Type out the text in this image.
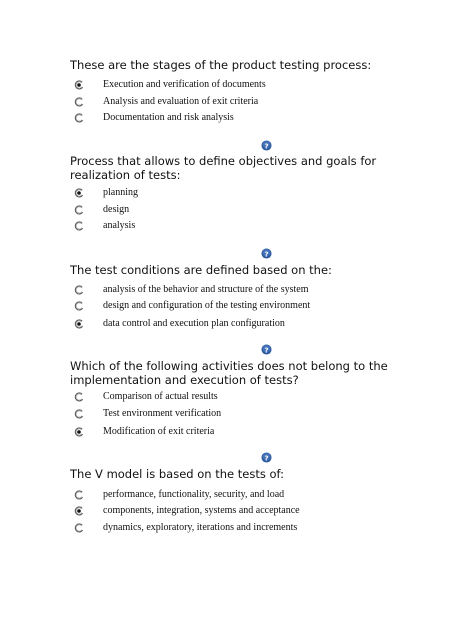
These are the stages of the product testing process:

Execution and verification of documents
Analysis and evaluation of exit criteria
Documentation and risk analysis

Process that allows to define objectives and goals for realization of tests:

planning
design
analysis

The test conditions are defined based on the:

analysis of the behavior and structure of the system
design and configuration of the testing environment
data control and execution plan configuration

Which of the following activities does not belong to the implementation and execution of tests?

Comparison of actual results
Test environment verification
Modification of exit criteria

The V model is based on the tests of:

performance, functionality, security, and load
components, integration, systems and acceptance
dynamics, exploratory, iterations and increments
